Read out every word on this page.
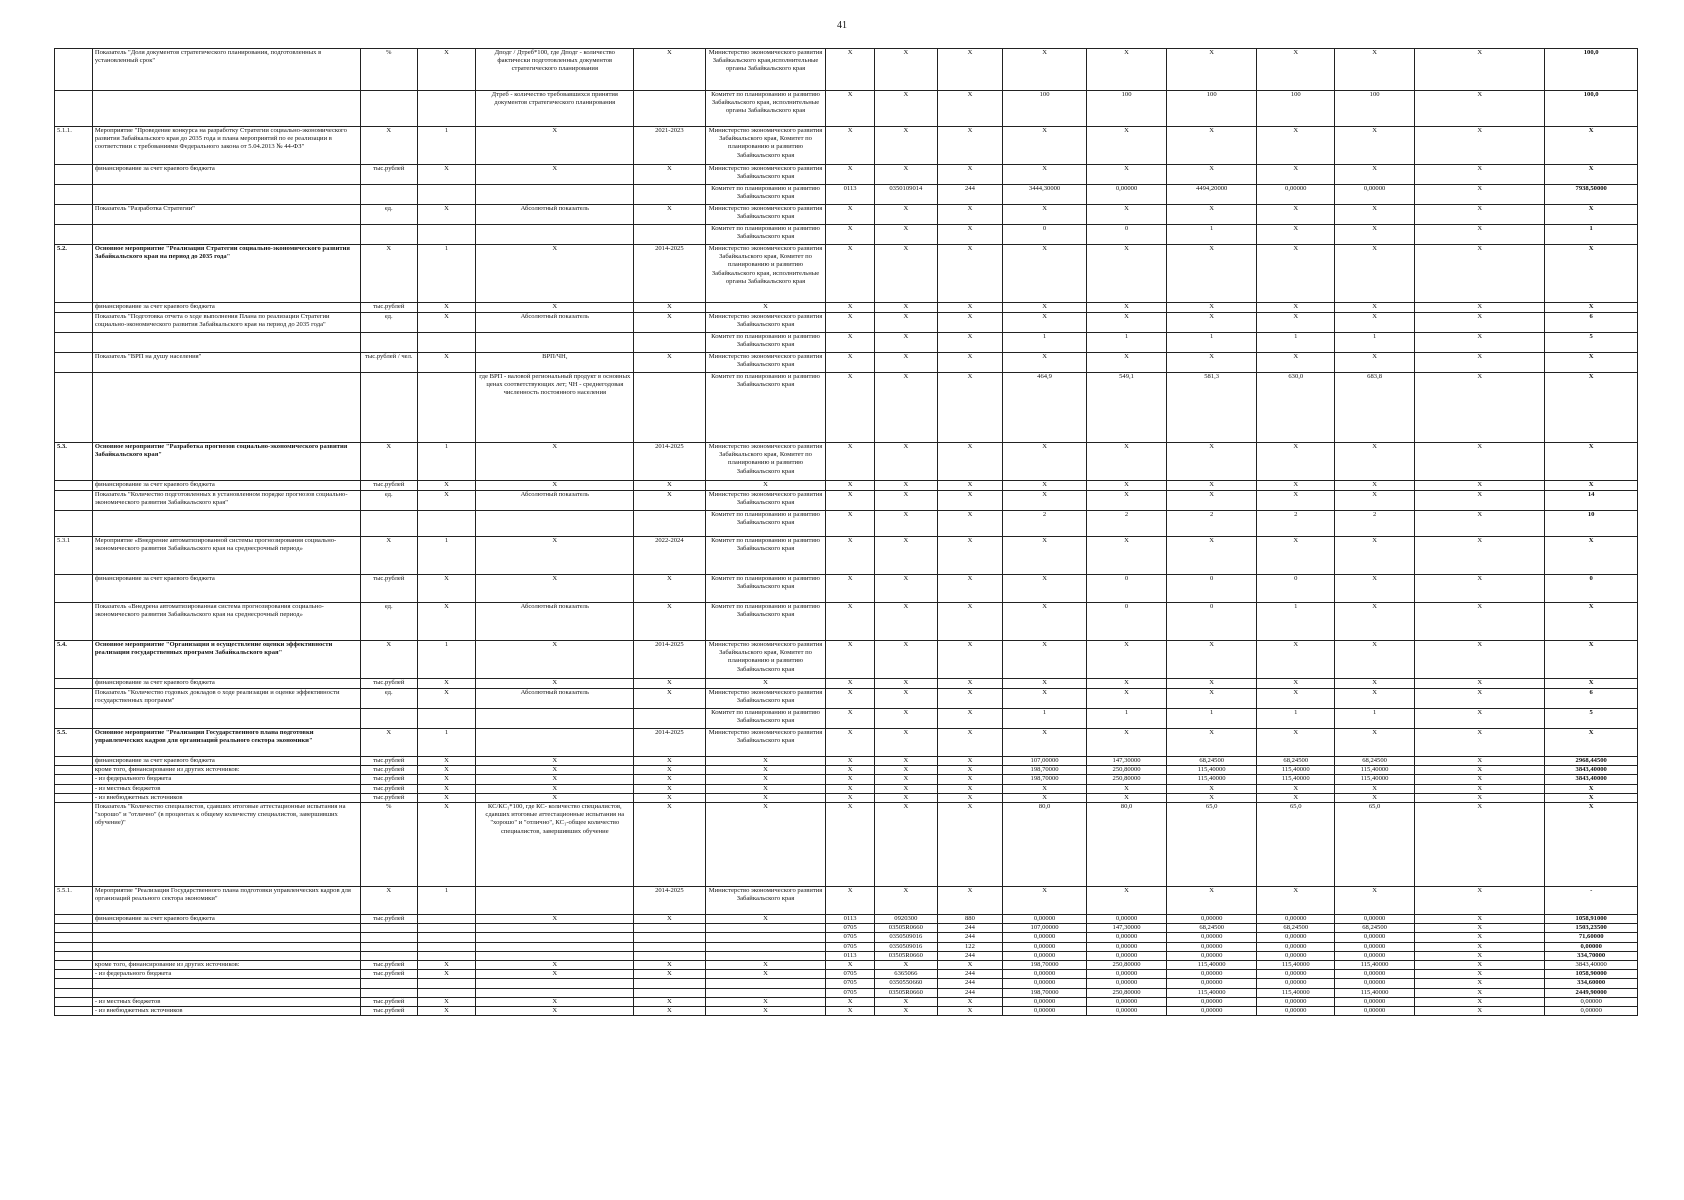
41
	Показатель "Доля документов стратегического планирования, подготовленных в установленный срок"	%	X	Дподг / Дтреб*100, где Дподг - количество фактически подготовленных документов стратегического планирования	X	Министерство экономического развития Забайкальского края,исполнительные органы Забайкальского края	X	X	X	X	X	X	X	X	X	100,0
				Дтреб - количество требовавшихся принятия документов стратегического планирования		Комитет по планированию и развитию Забайкальского края, исполнительные органы Забайкальского края	X	X	X	100	100	100	100	100	X	100,0
5.1.1.	Мероприятие "Проведение конкурса на разработку Стратегии социально-экономического развития Забайкальского края до 2035 года и плана мероприятий по ее реализации в соответствии с требованиями Федерального закона от 5.04.2013 № 44-ФЗ"	X	1	X	2021-2023	Министерство экономического развития Забайкальского края, Комитет по планированию и развитию Забайкальского края	X	X	X	X	X	X	X	X	X	X
	финансирование за счет краевого бюджета	тыс.рублей	X	X	X	Министерство экономического развития Забайкальского края	X	X	X	X	X	X	X	X	X	X
						Комитет по планированию и развитию Забайкальского края	0113	0350109014	244	3444,30000	0,00000	4494,20000	0,00000	0,00000	X	7938,50000
	Показатель "Разработка Стратегии"	ед.	X	Абсолютный показатель	X	Министерство экономического развития Забайкальского края	X	X	X	X	X	X	X	X	X	X
						Комитет по планированию и развитию Забайкальского края	X	X	X	0	0	1	X	X	X	1
5.2.	Основное мероприятие "Реализация Стратегии социально-экономического развития Забайкальского края на период до 2035 года"	X	1	X	2014-2025	Министерство экономического развития Забайкальского края, Комитет по планированию и развитию Забайкальского края, исполнительные органы Забайкальского края	X	X	X	X	X	X	X	X	X	X
	финансирование за счет краевого бюджета	тыс.рублей	X	X	X	X	X	X	X	X	X	X	X	X	X	X
	Показатель "Подготовка отчета о ходе выполнения Плана по реализации Стратегии социально-экономического развития Забайкальского края на период до 2035 года"	ед.	X	Абсолютный показатель	X	Министерство экономического развития Забайкальского края	X	X	X	X	X	X	X	X	X	6
						Комитет по планированию и развитию Забайкальского края	X	X	X	1	1	1	1	1	X	5
	Показатель "ВРП на душу населения"	тыс.рублей / чел.	X	ВРП/ЧН,	X	Министерство экономического развития Забайкальского края	X	X	X	X	X	X	X	X	X	X
				где ВРП - валовой региональный продукт в основных ценах соответствующих лет; ЧН - среднегодовая численность постоянного населения		Комитет по планированию и развитию Забайкальского края	X	X	X	464,9	549,1	581,3	630,0	683,8	X	X
5.3.	Основное мероприятие "Разработка прогнозов социально-экономического развития Забайкальского края"	X	1	X	2014-2025	Министерство экономического развития Забайкальского края, Комитет по планированию и развитию Забайкальского края	X	X	X	X	X	X	X	X	X	X
	финансирование за счет краевого бюджета	тыс.рублей	X	X	X	X	X	X	X	X	X	X	X	X	X	X
	Показатель "Количество подготовленных в установленном порядке прогнозов социально-экономического развития Забайкальского края"	ед.	X	Абсолютный показатель	X	Министерство экономического развития Забайкальского края	X	X	X	X	X	X	X	X	X	14
						Комитет по планированию и развитию Забайкальского края	X	X	X	2	2	2	2	2	X	10
5.3.1	Мероприятие «Внедрение автоматизированной системы прогнозирования социально-экономического развития Забайкальского края на среднесрочный период»	X	1	X	2022-2024	Комитет по планированию и развитию Забайкальского края	X	X	X	X	X	X	X	X	X	X
	финансирование за счет краевого бюджета	тыс.рублей	X	X	X	Комитет по планированию и развитию Забайкальского края	X	X	X	X	0	0	0	X	X	0
	Показатель «Внедрена автоматизированная система прогнозирования социально-экономического развития Забайкальского края на среднесрочный период»	ед.	X	Абсолютный показатель	X	Комитет по планированию и развитию Забайкальского края	X	X	X	X	0	0	1	X	X	X
5.4.	Основное мероприятие "Организация и осуществление оценки эффективности реализации государственных программ Забайкальского края"	X	1	X	2014-2025	Министерство экономического развития Забайкальского края, Комитет по планированию и развитию Забайкальского края	X	X	X	X	X	X	X	X	X	X
	финансирование за счет краевого бюджета	тыс.рублей	X	X	X	X	X	X	X	X	X	X	X	X	X	X
	Показатель "Количество годовых докладов о ходе реализации и оценке эффективности государственных программ"	ед.	X	Абсолютный показатель	X	Министерство экономического развития Забайкальского края	X	X	X	X	X	X	X	X	X	6
						Комитет по планированию и развитию Забайкальского края	X	X	X	1	1	1	1	1	X	5
5.5.	Основное мероприятие "Реализация Государственного плана подготовки управленческих кадров для организаций реального сектора экономики"	X	1		2014-2025	Министерство экономического развития Забайкальского края	X	X	X	X	X	X	X	X	X	X
	финансирование за счет краевого бюджета	тыс.рублей	X	X	X	X	X	X	X	107,00000	147,30000	68,24500	68,24500	68,24500	X	2968,44500
	кроме того, финансирование из других источников:	тыс.рублей	X	X	X	X	X	X	X	198,70000	250,80000	115,40000	115,40000	115,40000	X	3843,40000
	- из федерального бюджета	тыс.рублей	X	X	X	X	X	X	X	198,70000	250,80000	115,40000	115,40000	115,40000	X	3843,40000
	- из местных бюджетов	тыс.рублей	X	X	X	X	X	X	X	X	X	X	X	X	X	X
	- из внебюджетных источников	тыс.рублей	X	X	X	X	X	X	X	X	X	X	X	X	X	X
	Показатель "Количество специалистов, сдавших итоговые аттестационные испытания на "хорошо" и "отлично" (в процентах к общему количеству специалистов, завершивших обучение)"	%	X	КС/КС₁*100, где КС- количество специалистов, сдавших итоговые аттестационные испытания на "хорошо" и "отлично", КС₁-общее количество специалистов, завершивших обучение	X	X	X	X	X	80,0	80,0	65,0	65,0	65,0	X	X
5.5.1.	Мероприятие "Реализация Государственного плана подготовки управленческих кадров для организаций реального сектора экономики"	X	1		2014-2025	Министерство экономического развития Забайкальского края	X	X	X	X	X	X	X	X	X	-
	финансирование за счет краевого бюджета	тыс.рублей		X	X	X	0113	0920300	880	0,00000	0,00000	0,00000	0,00000	0,00000	X	1058,91000
							0705	03505R0660	244	107,00000	147,30000	68,24500	68,24500	68,24500	X	1503,23500
							0705	0350509016	244	0,00000	0,00000	0,00000	0,00000	0,00000	X	71,60000
							0705	0350509016	122	0,00000	0,00000	0,00000	0,00000	0,00000	X	0,00000
							0113	03505R0660	244	0,00000	0,00000	0,00000	0,00000	0,00000	X	334,70000
	кроме того, финансирование из других источников:	тыс.рублей	X	X	X	X	X	X	X	198,70000	250,80000	115,40000	115,40000	115,40000	X	3843,40000
	- из федерального бюджета	тыс.рублей	X	X	X	X	0705	6365066	244	0,00000	0,00000	0,00000	0,00000	0,00000	X	1058,90000
							0705	0350550660	244	0,00000	0,00000	0,00000	0,00000	0,00000	X	334,60000
							0705	03505R0660	244	198,70000	250,80000	115,40000	115,40000	115,40000	X	2449,90000
	- из местных бюджетов	тыс.рублей	X	X	X	X	X	X	X	0,00000	0,00000	0,00000	0,00000	0,00000	X	0,00000
	- из внебюджетных источников	тыс.рублей	X	X	X	X	X	X	X	0,00000	0,00000	0,00000	0,00000	0,00000	X	0,00000
